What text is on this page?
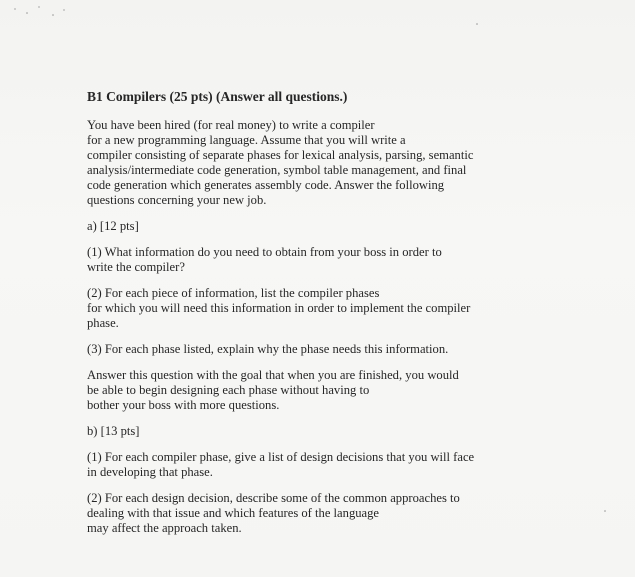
B1 Compilers (25 pts) (Answer all questions.)
You have been hired (for real money) to write a compiler
for a new programming language. Assume that you will write a
compiler consisting of separate phases for lexical analysis, parsing, semantic
analysis/intermediate code generation, symbol table management, and final
code generation which generates assembly code. Answer the following
questions concerning your new job.
a) [12 pts]
(1) What information do you need to obtain from your boss in order to
write the compiler?
(2) For each piece of information, list the compiler phases
for which you will need this information in order to implement the compiler
phase.
(3) For each phase listed, explain why the phase needs this information.
Answer this question with the goal that when you are finished, you would
be able to begin designing each phase without having to
bother your boss with more questions.
b) [13 pts]
(1) For each compiler phase, give a list of design decisions that you will face
in developing that phase.
(2) For each design decision, describe some of the common approaches to
dealing with that issue and which features of the language
may affect the approach taken.
